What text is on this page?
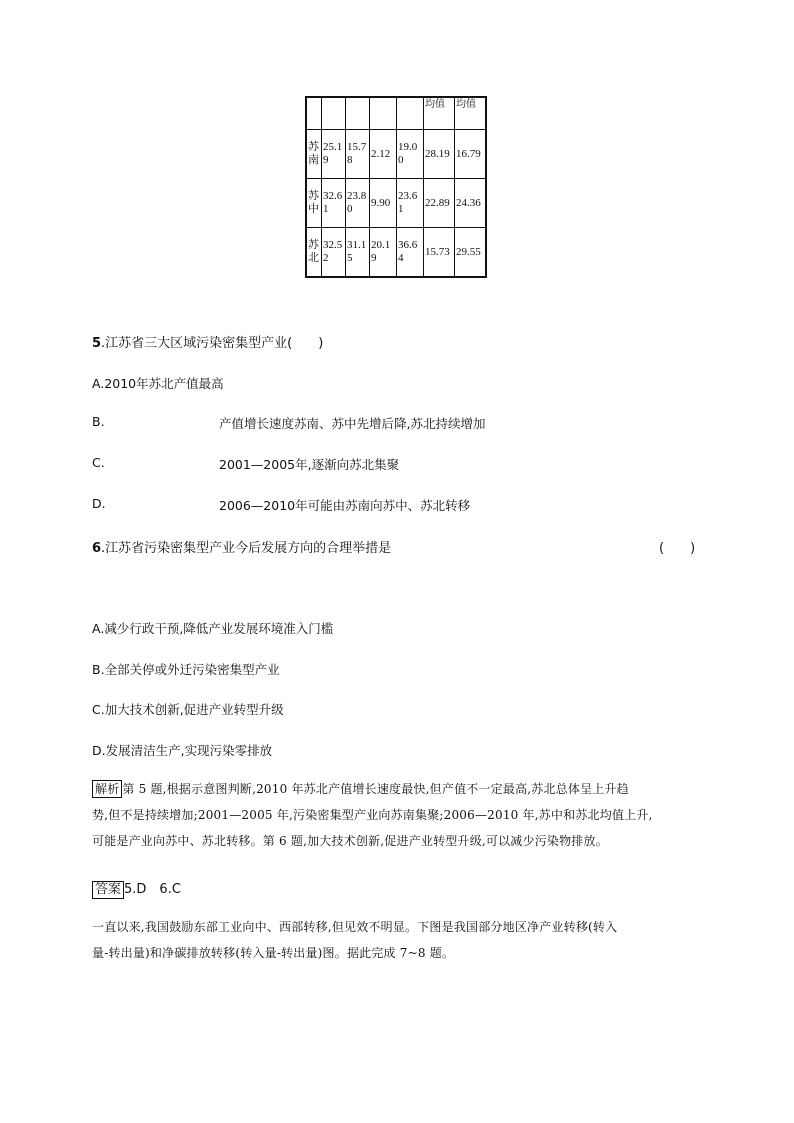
					均值	均值
苏南	25.19	15.78	2.12	19.00	28.19	16.79
苏中	32.61	23.80	9.90	23.61	22.89	24.36
苏北	32.52	31.15	20.19	36.64	15.73	29.55
5.江苏省三大区域污染密集型产业(　　)
A.2010年苏北产值最高
B.	产值增长速度苏南、苏中先增后降,苏北持续增加
C.	2001—2005年,逐渐向苏北集聚
D.	2006—2010年可能由苏南向苏中、苏北转移
6.江苏省污染密集型产业今后发展方向的合理举措是	(　　)
A.减少行政干预,降低产业发展环境准入门槛
B.全部关停或外迁污染密集型产业
C.加大技术创新,促进产业转型升级
D.发展清洁生产,实现污染零排放
解析 第 5 题,根据示意图判断,2010 年苏北产值增长速度最快,但产值不一定最高,苏北总体呈上升趋
势,但不是持续增加;2001—2005 年,污染密集型产业向苏南集聚;2006—2010 年,苏中和苏北均值上升,
可能是产业向苏中、苏北转移。第 6 题,加大技术创新,促进产业转型升级,可以减少污染物排放。
答案 5.D　6.C
一直以来,我国鼓励东部工业向中、西部转移,但见效不明显。下图是我国部分地区净产业转移(转入
量-转出量)和净碳排放转移(转入量-转出量)图。据此完成 7~8 题。
